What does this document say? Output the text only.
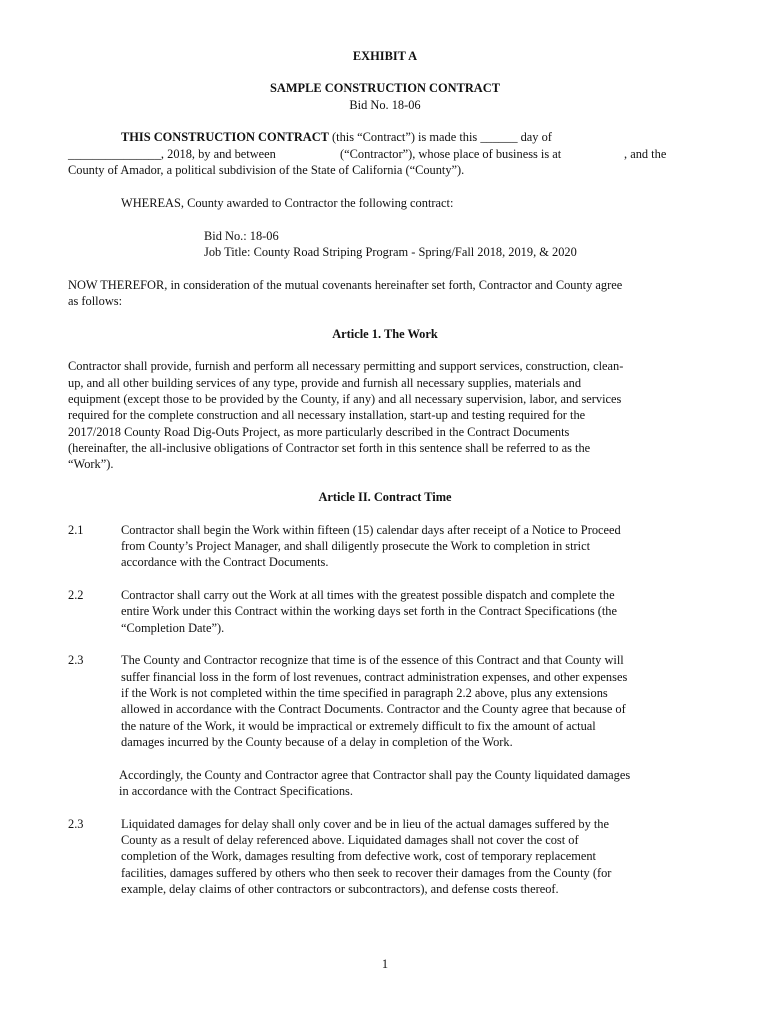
EXHIBIT A
SAMPLE CONSTRUCTION CONTRACT
Bid No. 18-06
THIS CONSTRUCTION CONTRACT (this “Contract”) is made this ______ day of
_______________, 2018, by and between	(“Contractor”), whose place of business is at	, and the
County of Amador, a political subdivision of the State of California (“County”).
WHEREAS, County awarded to Contractor the following contract:
Bid No.: 18-06
Job Title: County Road Striping Program - Spring/Fall 2018, 2019, & 2020
NOW THEREFOR, in consideration of the mutual covenants hereinafter set forth, Contractor and County agree
as follows:
Article 1. The Work
Contractor shall provide, furnish and perform all necessary permitting and support services, construction, clean-
up, and all other building services of any type, provide and furnish all necessary supplies, materials and
equipment (except those to be provided by the County, if any) and all necessary supervision, labor, and services
required for the complete construction and all necessary installation, start-up and testing required for the
2017/2018 County Road Dig-Outs Project, as more particularly described in the Contract Documents
(hereinafter, the all-inclusive obligations of Contractor set forth in this sentence shall be referred to as the
“Work”).
Article II. Contract Time
2.1	Contractor shall begin the Work within fifteen (15) calendar days after receipt of a Notice to Proceed
from County’s Project Manager, and shall diligently prosecute the Work to completion in strict
accordance with the Contract Documents.
2.2	Contractor shall carry out the Work at all times with the greatest possible dispatch and complete the
entire Work under this Contract within the working days set forth in the Contract Specifications (the
“Completion Date”).
2.3	The County and Contractor recognize that time is of the essence of this Contract and that County will
suffer financial loss in the form of lost revenues, contract administration expenses, and other expenses
if the Work is not completed within the time specified in paragraph 2.2 above, plus any extensions
allowed in accordance with the Contract Documents. Contractor and the County agree that because of
the nature of the Work, it would be impractical or extremely difficult to fix the amount of actual
damages incurred by the County because of a delay in completion of the Work.
Accordingly, the County and Contractor agree that Contractor shall pay the County liquidated damages
in accordance with the Contract Specifications.
2.3	Liquidated damages for delay shall only cover and be in lieu of the actual damages suffered by the
County as a result of delay referenced above. Liquidated damages shall not cover the cost of
completion of the Work, damages resulting from defective work, cost of temporary replacement
facilities, damages suffered by others who then seek to recover their damages from the County (for
example, delay claims of other contractors or subcontractors), and defense costs thereof.
1
